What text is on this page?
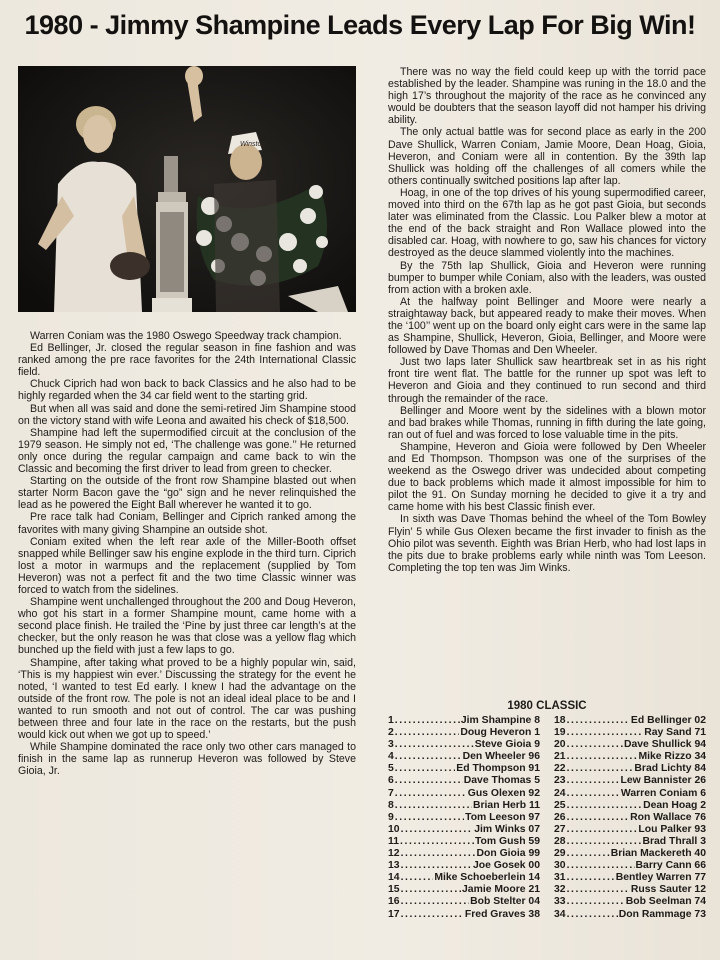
1980 - Jimmy Shampine Leads Every Lap For Big Win!
Winston

Warren Coniam was the 1980 Oswego Speedway track champion.

Ed Bellinger, Jr. closed the regular season in fine fashion and was ranked among the pre race favorites for the 24th International Classic field.

Chuck Ciprich had won back to back Classics and he also had to be highly regarded when the 34 car field went to the starting grid.

But when all was said and done the semi-retired Jim Shampine stood on the victory stand with wife Leona and awaited his check of $18,500.

Shampine had left the supermodified circuit at the conclusion of the 1979 season. He simply not ed, ‘The challenge was gone.’’ He returned only once during the regular campaign and came back to win the Classic and becoming the first driver to lead from green to checker.

Starting on the outside of the front row Shampine blasted out when starter Norm Bacon gave the “go” sign and he never relinquished the lead as he powered the Eight Ball wherever he wanted it to go.

Pre race talk had Coniam, Bellinger and Ciprich ranked among the favorites with many giving Shampine an outside shot.

Coniam exited when the left rear axle of the Miller-Booth offset snapped while Bellinger saw his engine explode in the third turn. Ciprich lost a motor in warmups and the replacement (supplied by Tom Heveron) was not a perfect fit and the two time Classic winner was forced to watch from the sidelines.

Shampine went unchallenged throughout the 200 and Doug Heveron, who got his start in a former Shampine mount, came home with a second place finish. He trailed the ‘Pine by just three car length’s at the checker, but the only reason he was that close was a yellow flag which bunched up the field with just a few laps to go.

Shampine, after taking what proved to be a highly popular win, said, ‘This is my happiest win ever.’ Discussing the strategy for the event he noted, ‘I wanted to test Ed early. I knew I had the advantage on the outside of the front row. The pole is not an ideal ideal place to be and I wanted to run smooth and not out of control. The car was pushing between three and four late in the race on the restarts, but the push would kick out when we got up to speed.’

While Shampine dominated the race only two other cars managed to finish in the same lap as runnerup Heveron was followed by Steve Gioia, Jr.

There was no way the field could keep up with the torrid pace established by the leader. Shampine was runing in the 18.0 and the high 17’s throughout the majority of the race as he convinced any would be doubters that the season layoff did not hamper his driving ability.

The only actual battle was for second place as early in the 200 Dave Shullick, Warren Coniam, Jamie Moore, Dean Hoag, Gioia, Heveron, and Coniam were all in contention. By the 39th lap Shullick was holding off the challenges of all comers while the others continually switched positions lap after lap.

Hoag, in one of the top drives of his young supermodified career, moved into third on the 67th lap as he got past Gioia, but seconds later was eliminated from the Classic. Lou Palker blew a motor at the end of the back straight and Ron Wallace plowed into the disabled car. Hoag, with nowhere to go, saw his chances for victory destroyed as the deuce slammed violently into the machines.

By the 75th lap Shullick, Gioia and Heveron were running bumper to bumper while Coniam, also with the leaders, was ousted from action with a broken axle.

At the halfway point Bellinger and Moore were nearly a straightaway back, but appeared ready to make their moves. When the ‘100’’ went up on the board only eight cars were in the same lap as Shampine, Shullick, Heveron, Gioia, Bellinger, and Moore were followed by Dave Thomas and Den Wheeler.

Just two laps later Shullick saw heartbreak set in as his right front tire went flat. The battle for the runner up spot was left to Heveron and Gioia and they continued to run second and third through the remainder of the race.

Bellinger and Moore went by the sidelines with a blown motor and bad brakes while Thomas, running in fifth during the late going, ran out of fuel and was forced to lose valuable time in the pits.

Shampine, Heveron and Gioia were followed by Den Wheeler and Ed Thompson. Thompson was one of the surprises of the weekend as the Oswego driver was undecided about competing due to back problems which made it almost impossible for him to pilot the 91. On Sunday morning he decided to give it a try and came home with his best Classic finish ever.

In sixth was Dave Thomas behind the wheel of the Tom Bowley Flyin’ 5 while Gus Olexen became the first invader to finish as the Ohio pilot was seventh. Eighth was Brian Herb, who had lost laps in the pits due to brake problems early while ninth was Tom Leeson. Completing the top ten was Jim Winks.

1980 CLASSIC
1 .....	Jim Shampine 8
2 .....	Doug Heveron 1
3 .....	Steve Gioia 9
4 .....	Den Wheeler 96
5 .....	Ed Thompson 91
6 .....	Dave Thomas 5
7 .....	Gus Olexen 92
8 .....	Brian Herb 11
9 .....	Tom Leeson 97
10 .....	Jim Winks 07
11 .....	Tom Gush 59
12 .....	Don Gioia 99
13 .....	Joe Gosek 00
14 .....	Mike Schoeberlein 14
15 .....	Jamie Moore 21
16 .....	Bob Stelter 04
17 .....	Fred Graves 38
18 .....	Ed Bellinger 02
19 .....	Ray Sand 71
20 .....	Dave Shullick 94
21 .....	Mike Rizzo 34
22 .....	Brad Lichty 84
23 .....	Lew Bannister 26
24 .....	Warren Coniam 6
25 .....	Dean Hoag 2
26 .....	Ron Wallace 76
27 .....	Lou Palker 93
28 .....	Brad Thrall 3
29 .....	Brian Mackereth 40
30 .....	Barry Cann 66
31 .....	Bentley Warren 77
32 .....	Russ Sauter 12
33 .....	Bob Seelman 74
34 .....	Don Rammage 73
